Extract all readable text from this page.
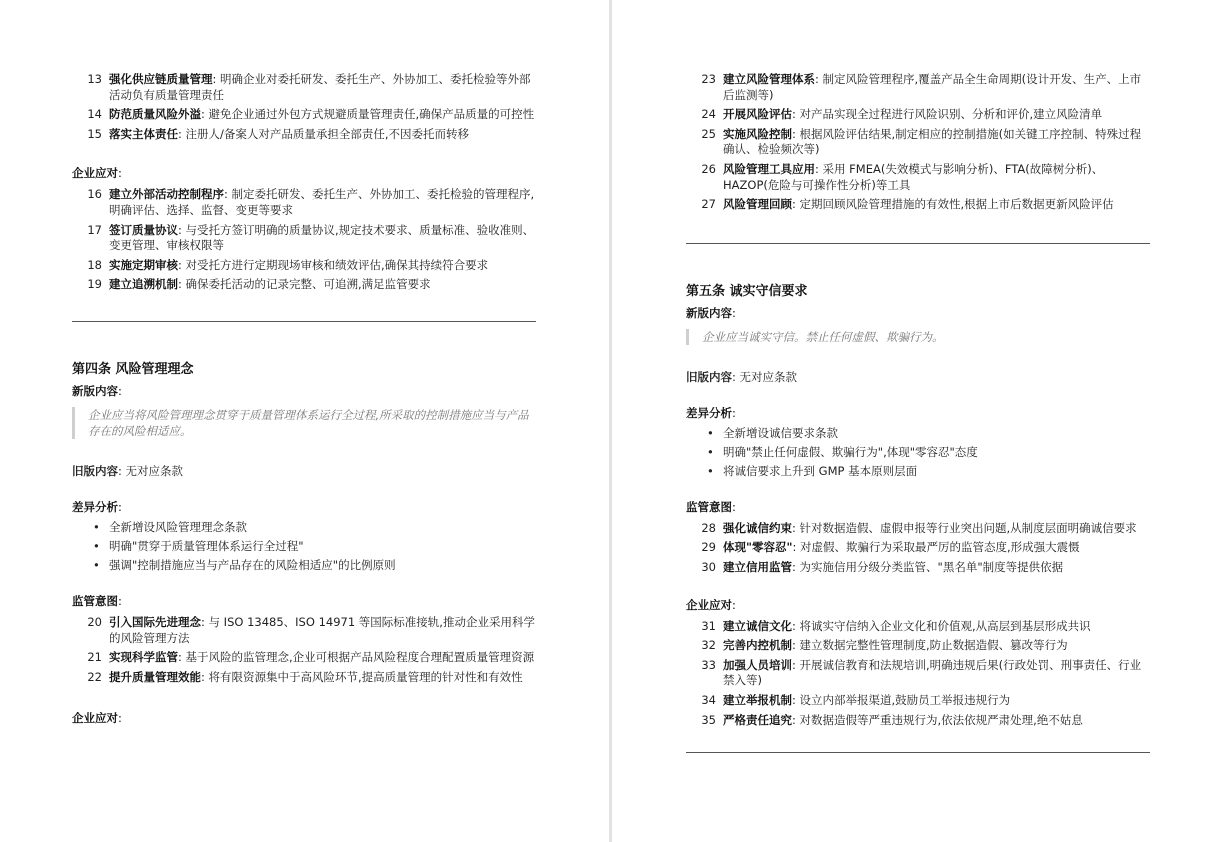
13 强化供应链质量管理: 明确企业对委托研发、委托生产、外协加工、委托检验等外部活动负有质量管理责任
14 防范质量风险外溢: 避免企业通过外包方式规避质量管理责任,确保产品质量的可控性
15 落实主体责任: 注册人/备案人对产品质量承担全部责任,不因委托而转移

企业应对:

16 建立外部活动控制程序: 制定委托研发、委托生产、外协加工、委托检验的管理程序,明确评估、选择、监督、变更等要求
17 签订质量协议: 与受托方签订明确的质量协议,规定技术要求、质量标准、验收准则、变更管理、审核权限等
18 实施定期审核: 对受托方进行定期现场审核和绩效评估,确保其持续符合要求
19 建立追溯机制: 确保委托活动的记录完整、可追溯,满足监管要求

第四条 风险管理理念

新版内容:

企业应当将风险管理理念贯穿于质量管理体系运行全过程,所采取的控制措施应当与产品存在的风险相适应。

旧版内容: 无对应条款

差异分析:

• 全新增设风险管理理念条款
• 明确"贯穿于质量管理体系运行全过程"
• 强调"控制措施应当与产品存在的风险相适应"的比例原则

监管意图:

20 引入国际先进理念: 与 ISO 13485、ISO 14971 等国际标准接轨,推动企业采用科学的风险管理方法
21 实现科学监管: 基于风险的监管理念,企业可根据产品风险程度合理配置质量管理资源
22 提升质量管理效能: 将有限资源集中于高风险环节,提高质量管理的针对性和有效性

企业应对:

23 建立风险管理体系: 制定风险管理程序,覆盖产品全生命周期(设计开发、生产、上市后监测等)
24 开展风险评估: 对产品实现全过程进行风险识别、分析和评价,建立风险清单
25 实施风险控制: 根据风险评估结果,制定相应的控制措施(如关键工序控制、特殊过程确认、检验频次等)
26 风险管理工具应用: 采用 FMEA(失效模式与影响分析)、FTA(故障树分析)、HAZOP(危险与可操作性分析)等工具
27 风险管理回顾: 定期回顾风险管理措施的有效性,根据上市后数据更新风险评估

第五条 诚实守信要求

新版内容:

企业应当诚实守信。禁止任何虚假、欺骗行为。

旧版内容: 无对应条款

差异分析:

• 全新增设诚信要求条款
• 明确"禁止任何虚假、欺骗行为",体现"零容忍"态度
• 将诚信要求上升到 GMP 基本原则层面

监管意图:

28 强化诚信约束: 针对数据造假、虚假申报等行业突出问题,从制度层面明确诚信要求
29 体现"零容忍": 对虚假、欺骗行为采取最严厉的监管态度,形成强大震慑
30 建立信用监管: 为实施信用分级分类监管、"黑名单"制度等提供依据

企业应对:

31 建立诚信文化: 将诚实守信纳入企业文化和价值观,从高层到基层形成共识
32 完善内控机制: 建立数据完整性管理制度,防止数据造假、篡改等行为
33 加强人员培训: 开展诚信教育和法规培训,明确违规后果(行政处罚、刑事责任、行业禁入等)
34 建立举报机制: 设立内部举报渠道,鼓励员工举报违规行为
35 严格责任追究: 对数据造假等严重违规行为,依法依规严肃处理,绝不姑息
